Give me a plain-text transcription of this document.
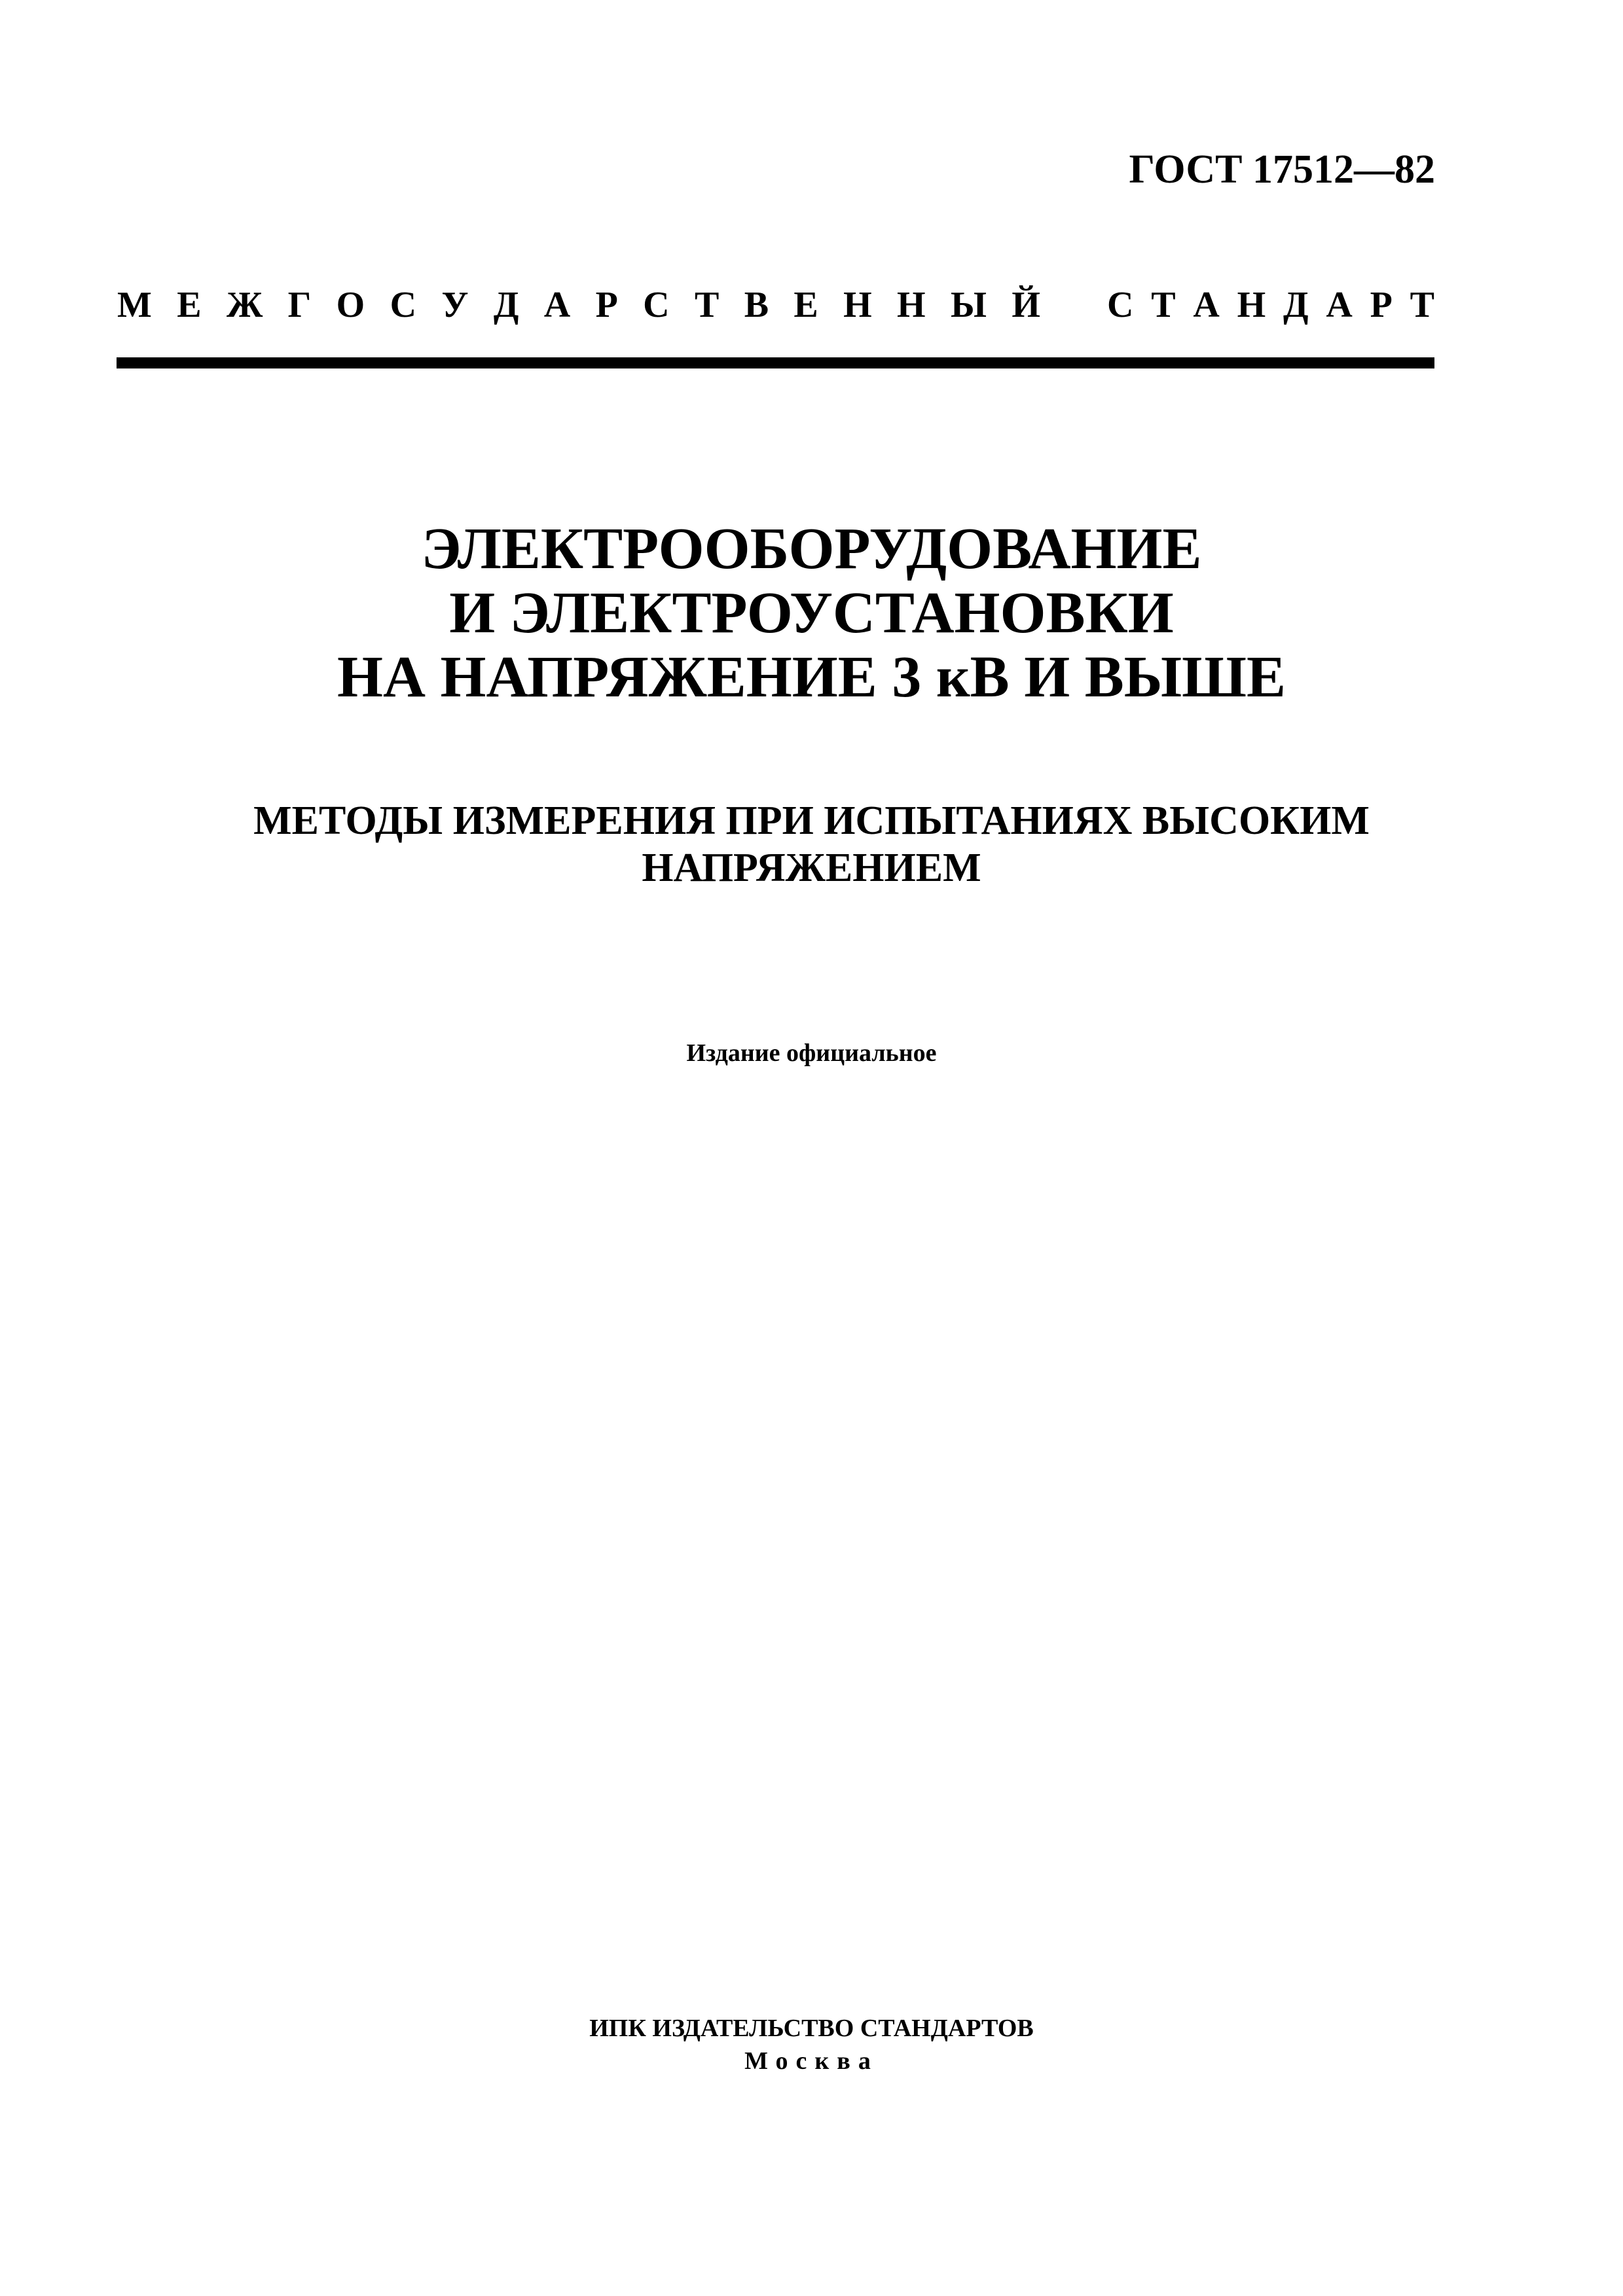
ГОСТ 17512—82
М Е Ж Г О С У Д А Р С Т В Е Н Н Ы Й С Т А Н Д А Р Т
ЭЛЕКТРООБОРУДОВАНИЕ
И ЭЛЕКТРОУСТАНОВКИ
НА НАПРЯЖЕНИЕ 3 кВ И ВЫШЕ
МЕТОДЫ ИЗМЕРЕНИЯ ПРИ ИСПЫТАНИЯХ ВЫСОКИМ
НАПРЯЖЕНИЕМ
Издание официальное
ИПК ИЗДАТЕЛЬСТВО СТАНДАРТОВ
Москва
